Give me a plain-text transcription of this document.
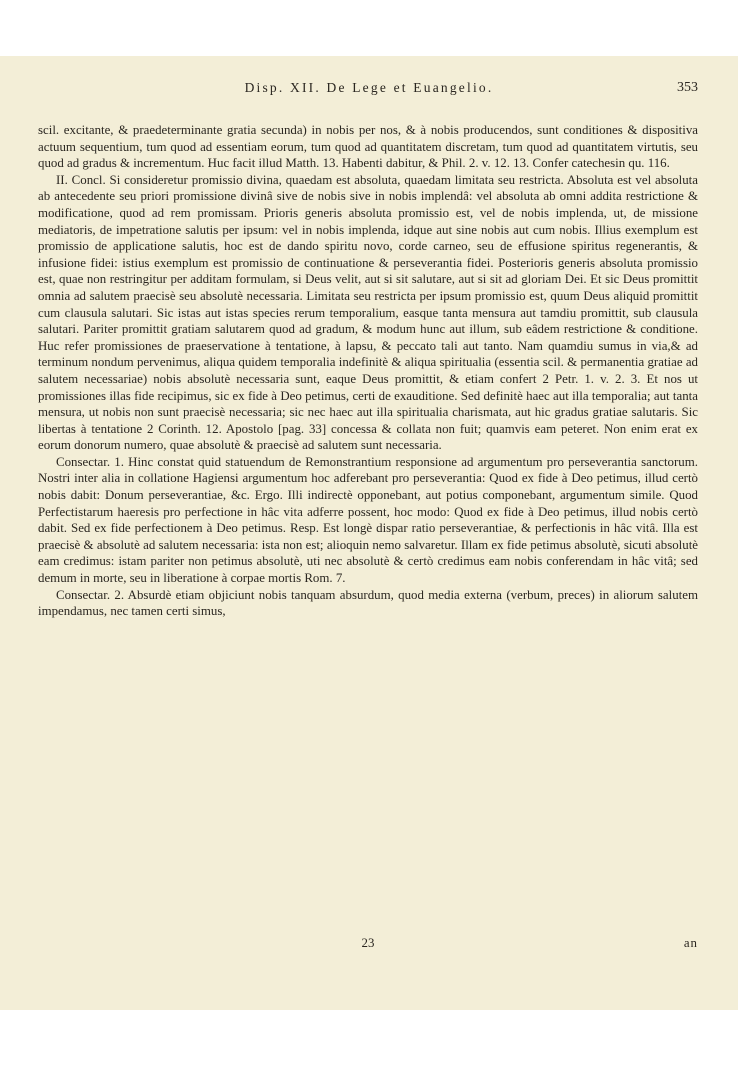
Disp. XII. De Lege et Euangelio.	353

scil. excitante, & praedeterminante gratia secunda) in nobis per nos, & à nobis producendos, sunt conditiones & dispositiva actuum sequentium, tum quod ad essentiam eorum, tum quod ad quantitatem discretam, tum quod ad quantitatem virtutis, seu quod ad gradus & incrementum. Huc facit illud Matth. 13. Habenti dabitur, & Phil. 2. v. 12. 13. Confer catechesin qu. 116.

II. Concl. Si consideretur promissio divina, quaedam est absoluta, quaedam limitata seu restricta. Absoluta est vel absoluta ab antecedente seu priori promissione divinâ sive de nobis sive in nobis implendâ: vel absoluta ab omni addita restrictione & modificatione, quod ad rem promissam. Prioris generis absoluta promissio est, vel de nobis implenda, ut, de missione mediatoris, de impetratione salutis per ipsum: vel in nobis implenda, idque aut sine nobis aut cum nobis. Illius exemplum est promissio de applicatione salutis, hoc est de dando spiritu novo, corde carneo, seu de effusione spiritus regenerantis, & infusione fidei: istius exemplum est promissio de continuatione & perseverantia fidei. Posterioris generis absoluta promissio est, quae non restringitur per additam formulam, si Deus velit, aut si sit salutare, aut si sit ad gloriam Dei. Et sic Deus promittit omnia ad salutem praecisè seu absolutè necessaria. Limitata seu restricta per ipsum promissio est, quum Deus aliquid promittit cum clausula salutari. Sic istas aut istas species rerum temporalium, easque tanta mensura aut tamdiu promittit, sub clausula salutari. Pariter promittit gratiam salutarem quod ad gradum, & modum hunc aut illum, sub eâdem restrictione & conditione. Huc refer promissiones de praeservatione à tentatione, à lapsu, & peccato tali aut tanto. Nam quamdiu sumus in via,& ad terminum nondum pervenimus, aliqua quidem temporalia indefinitè & aliqua spiritualia (essentia scil. & permanentia gratiae ad salutem necessariae) nobis absolutè necessaria sunt, eaque Deus promittit, & etiam confert 2 Petr. 1. v. 2. 3. Et nos ut promissiones illas fide recipimus, sic ex fide à Deo petimus, certi de exauditione. Sed definitè haec aut illa temporalia; aut tanta mensura, ut nobis non sunt praecisè necessaria; sic nec haec aut illa spiritualia charismata, aut hic gradus gratiae salutaris. Sic libertas à tentatione 2 Corinth. 12. Apostolo [pag. 33] concessa & collata non fuit; quamvis eam peteret. Non enim erat ex eorum donorum numero, quae absolutè & praecisè ad salutem sunt necessaria.

Consectar. 1. Hinc constat quid statuendum de Remonstrantium responsione ad argumentum pro perseverantia sanctorum. Nostri inter alia in collatione Hagiensi argumentum hoc adferebant pro perseverantia: Quod ex fide à Deo petimus, illud certò nobis dabit: Donum perseverantiae, &c. Ergo. Illi indirectè opponebant, aut potius componebant, argumentum simile. Quod Perfectistarum haeresis pro perfectione in hâc vita adferre possent, hoc modo: Quod ex fide à Deo petimus, illud nobis certò dabit. Sed ex fide perfectionem à Deo petimus. Resp. Est longè dispar ratio perseverantiae, & perfectionis in hâc vitâ. Illa est praecisè & absolutè ad salutem necessaria: ista non est; alioquin nemo salvaretur. Illam ex fide petimus absolutè, sicuti absolutè eam credimus: istam pariter non petimus absolutè, uti nec absolutè & certò credimus eam nobis conferendam in hâc vitâ; sed demum in morte, seu in liberatione à corpae mortis Rom. 7.

Consectar. 2. Absurdè etiam objiciunt nobis tanquam absurdum, quod media externa (verbum, preces) in aliorum salutem impendamus, nec tamen certi simus,

23	an
